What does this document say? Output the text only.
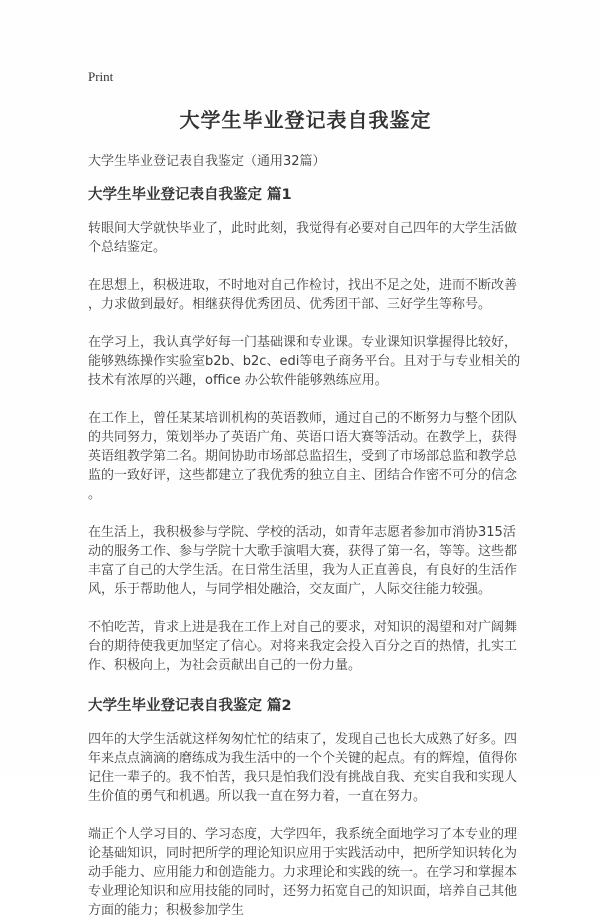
Print
大学生毕业登记表自我鉴定

大学生毕业登记表自我鉴定（通用32篇）

大学生毕业登记表自我鉴定 篇1

转眼间大学就快毕业了，此时此刻，我觉得有必要对自己四年的大学生活做个总结鉴定。

在思想上，积极进取，不时地对自己作检讨，找出不足之处，进而不断改善，力求做到最好。相继获得优秀团员、优秀团干部、三好学生等称号。

在学习上，我认真学好每一门基础课和专业课。专业课知识掌握得比较好，能够熟练操作实验室b2b、b2c、edi等电子商务平台。且对于与专业相关的技术有浓厚的兴趣，office 办公软件能够熟练应用。

在工作上，曾任某某培训机构的英语教师，通过自己的不断努力与整个团队的共同努力，策划举办了英语广角、英语口语大赛等活动。在教学上，获得英语组教学第二名。期间协助市场部总监招生，受到了市场部总监和教学总监的一致好评，这些都建立了我优秀的独立自主、团结合作密不可分的信念。

在生活上，我积极参与学院、学校的活动，如青年志愿者参加市消协315活动的服务工作、参与学院十大歌手演唱大赛，获得了第一名，等等。这些都丰富了自己的大学生活。在日常生活里，我为人正直善良，有良好的生活作风，乐于帮助他人，与同学相处融洽，交友面广，人际交往能力较强。

不怕吃苦，肯求上进是我在工作上对自己的要求，对知识的渴望和对广阔舞台的期待使我更加坚定了信心。对将来我定会投入百分之百的热情，扎实工作、积极向上，为社会贡献出自己的一份力量。

大学生毕业登记表自我鉴定 篇2

四年的大学生活就这样匆匆忙忙的结束了，发现自己也长大成熟了好多。四年来点点滴滴的磨练成为我生活中的一个个关键的起点。有的辉煌，值得你记住一辈子的。我不怕苦，我只是怕我们没有挑战自我、充实自我和实现人生价值的勇气和机遇。所以我一直在努力着，一直在努力。

端正个人学习目的、学习态度，大学四年，我系统全面地学习了本专业的理论基础知识，同时把所学的理论知识应用于实践活动中，把所学知识转化为动手能力、应用能力和创造能力。力求理论和实践的统一。在学习和掌握本专业理论知识和应用技能的同时，还努力拓宽自己的知识面，培养自己其他方面的能力；积极参加学生
